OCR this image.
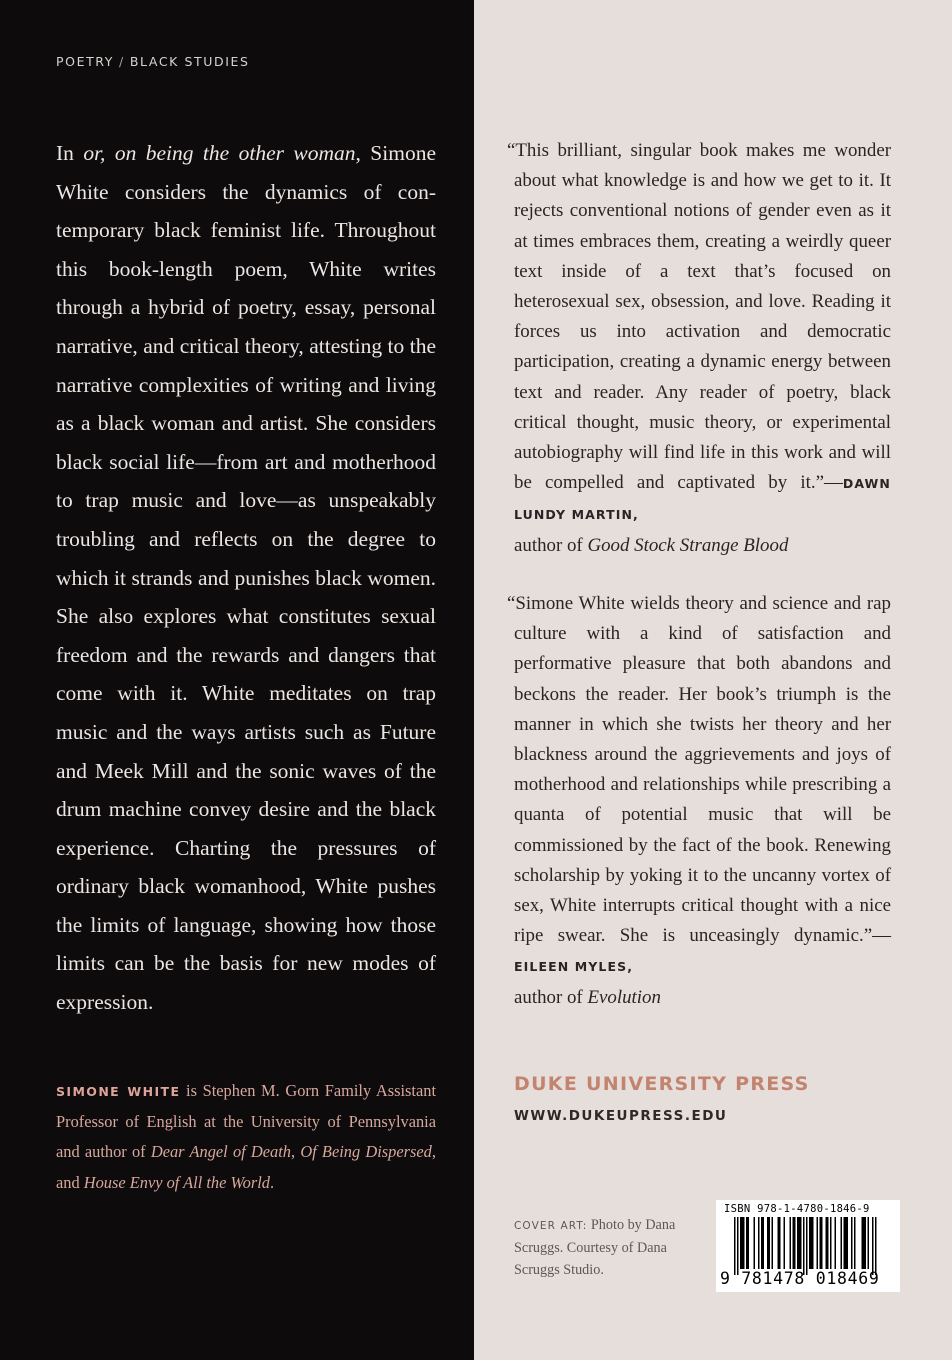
POETRY / BLACK STUDIES

In or, on being the other woman, Simone White considers the dynamics of contemporary black feminist life. Throughout this book-length poem, White writes through a hybrid of poetry, essay, personal narrative, and critical theory, attesting to the narrative complexities of writing and living as a black woman and artist. She considers black social life—from art and motherhood to trap music and love—as unspeakably troubling and reflects on the degree to which it strands and punishes black women. She also explores what constitutes sexual freedom and the rewards and dangers that come with it. White meditates on trap music and the ways artists such as Future and Meek Mill and the sonic waves of the drum machine convey desire and the black experience. Charting the pressures of ordinary black womanhood, White pushes the limits of language, showing how those limits can be the basis for new modes of expression.

SIMONE WHITE is Stephen M. Gorn Family Assistant Professor of English at the University of Pennsylvania and author of Dear Angel of Death, Of Being Dispersed, and House Envy of All the World.

“This brilliant, singular book makes me wonder about what knowledge is and how we get to it. It rejects conventional notions of gender even as it at times embraces them, creating a weirdly queer text inside of a text that’s focused on heterosexual sex, obsession, and love. Reading it forces us into activation and democratic participation, creating a dynamic energy between text and reader. Any reader of poetry, black critical thought, music theory, or experimental autobiography will find life in this work and will be compelled and captivated by it.”—DAWN LUNDY MARTIN,
author of Good Stock Strange Blood

“Simone White wields theory and science and rap culture with a kind of satisfaction and performative pleasure that both abandons and beckons the reader. Her book’s triumph is the manner in which she twists her theory and her blackness around the aggrievements and joys of motherhood and relationships while prescribing a quanta of potential music that will be commissioned by the fact of the book. Renewing scholarship by yoking it to the uncanny vortex of sex, White interrupts critical thought with a nice ripe swear. She is unceasingly dynamic.”—EILEEN MYLES,
author of Evolution

DUKE UNIVERSITY PRESS
WWW.DUKEUPRESS.EDU

COVER ART: Photo by Dana Scruggs. Courtesy of Dana Scruggs Studio.

ISBN 978-1-4780-1846-9
9 781478 018469
